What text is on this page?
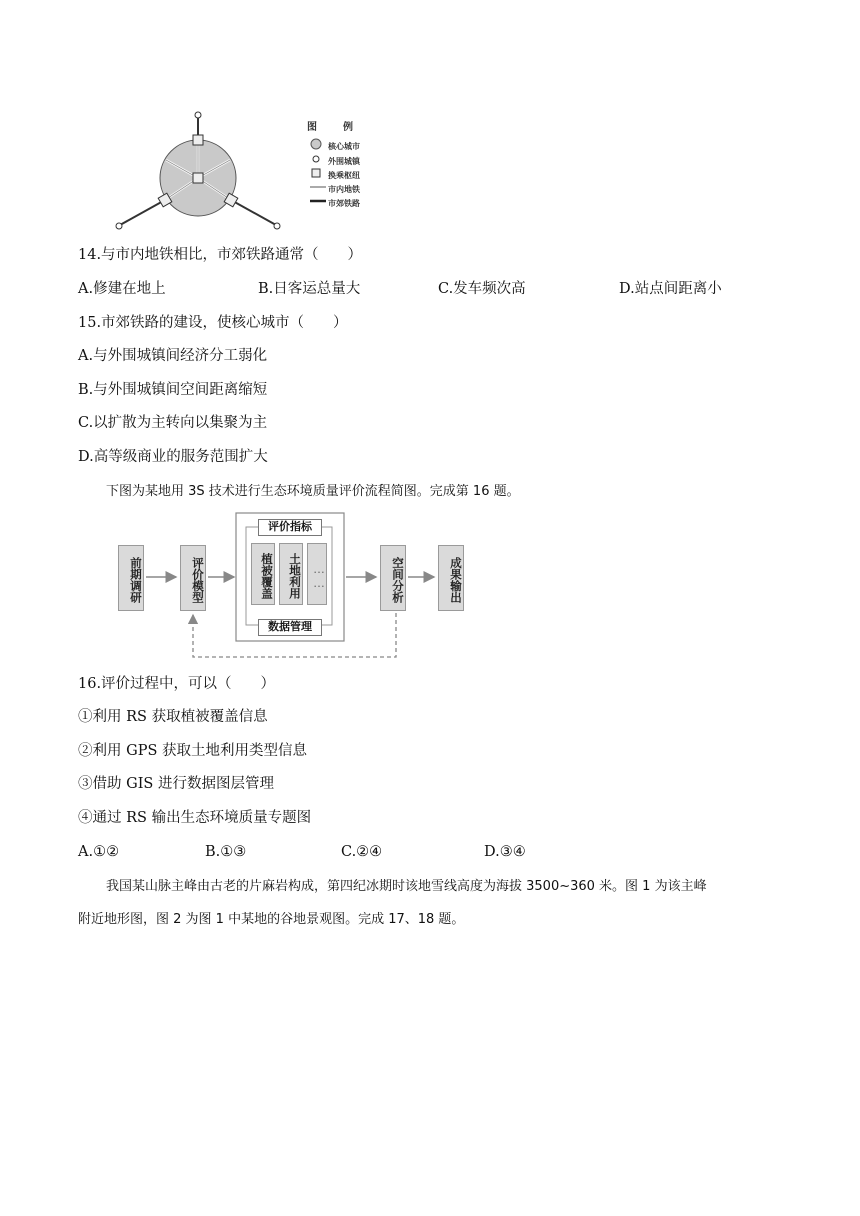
图　例
核心城市
外围城镇
换乘枢纽
市内地铁
市郊铁路
14.与市内地铁相比，市郊铁路通常（　　）
A.修建在地上	B.日客运总量大	C.发车频次高	D.站点间距离小
15.市郊铁路的建设，使核心城市（　　）
A.与外围城镇间经济分工弱化
B.与外围城镇间空间距离缩短
C.以扩散为主转向以集聚为主
D.高等级商业的服务范围扩大
下图为某地用 3S 技术进行生态环境质量评价流程简图。完成第 16 题。
前期调研	评价模型
评价指标
植被覆盖	土地利用 ……
数据管理
空间分析	成果输出
16.评价过程中，可以（　　）
①利用 RS 获取植被覆盖信息
②利用 GPS 获取土地利用类型信息
③借助 GIS 进行数据图层管理
④通过 RS 输出生态环境质量专题图
A.①②	B.①③	C.②④	D.③④
我国某山脉主峰由古老的片麻岩构成，第四纪冰期时该地雪线高度为海拔 3500~360 米。图 1 为该主峰
附近地形图，图 2 为图 1 中某地的谷地景观图。完成 17、18 题。
